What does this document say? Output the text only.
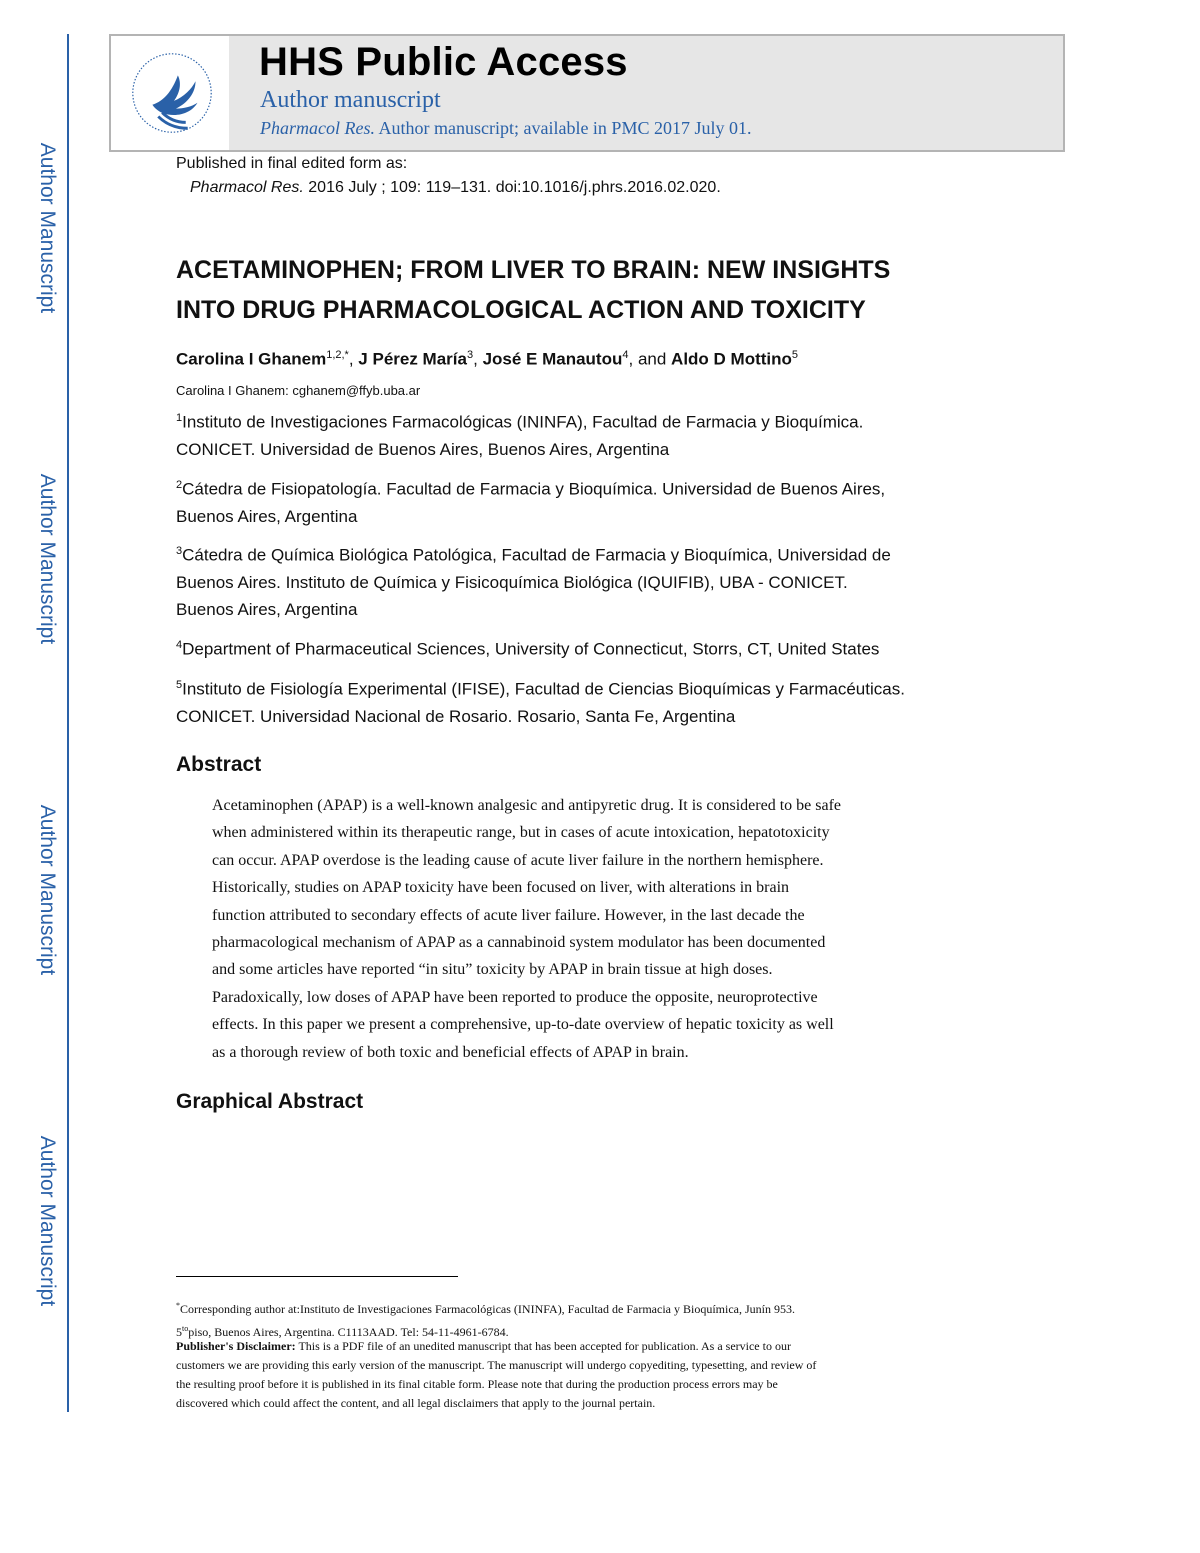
Author Manuscript
Author Manuscript
Author Manuscript
Author Manuscript
HHS Public Access
Author manuscript
Pharmacol Res. Author manuscript; available in PMC 2017 July 01.
Published in final edited form as:
Pharmacol Res. 2016 July ; 109: 119–131. doi:10.1016/j.phrs.2016.02.020.
ACETAMINOPHEN; FROM LIVER TO BRAIN: NEW INSIGHTS
INTO DRUG PHARMACOLOGICAL ACTION AND TOXICITY
Carolina I Ghanem$^{1,2,*}$, J Pérez María$^3$, José E Manautou$^4$, and Aldo D Mottino$^5$
Carolina I Ghanem: cghanem@ffyb.uba.ar
$^1$Instituto de Investigaciones Farmacológicas (ININFA), Facultad de Farmacia y Bioquímica.
CONICET. Universidad de Buenos Aires, Buenos Aires, Argentina
$^2$Cátedra de Fisiopatología. Facultad de Farmacia y Bioquímica. Universidad de Buenos Aires,
Buenos Aires, Argentina
$^3$Cátedra de Química Biológica Patológica, Facultad de Farmacia y Bioquímica, Universidad de
Buenos Aires. Instituto de Química y Fisicoquímica Biológica (IQUIFIB), UBA - CONICET.
Buenos Aires, Argentina
$^4$Department of Pharmaceutical Sciences, University of Connecticut, Storrs, CT, United States
$^5$Instituto de Fisiología Experimental (IFISE), Facultad de Ciencias Bioquímicas y Farmacéuticas.
CONICET. Universidad Nacional de Rosario. Rosario, Santa Fe, Argentina
Abstract
Acetaminophen (APAP) is a well-known analgesic and antipyretic drug. It is considered to be safe
when administered within its therapeutic range, but in cases of acute intoxication, hepatotoxicity
can occur. APAP overdose is the leading cause of acute liver failure in the northern hemisphere.
Historically, studies on APAP toxicity have been focused on liver, with alterations in brain
function attributed to secondary effects of acute liver failure. However, in the last decade the
pharmacological mechanism of APAP as a cannabinoid system modulator has been documented
and some articles have reported “in situ” toxicity by APAP in brain tissue at high doses.
Paradoxically, low doses of APAP have been reported to produce the opposite, neuroprotective
effects. In this paper we present a comprehensive, up-to-date overview of hepatic toxicity as well
as a thorough review of both toxic and beneficial effects of APAP in brain.
Graphical Abstract
*Corresponding author at:Instituto de Investigaciones Farmacológicas (ININFA), Facultad de Farmacia y Bioquímica, Junín 953.
$5^{to}piso$, Buenos Aires, Argentina. C1113AAD. Tel: 54-11-4961-6784.
Publisher's Disclaimer: This is a PDF file of an unedited manuscript that has been accepted for publication. As a service to our
customers we are providing this early version of the manuscript. The manuscript will undergo copyediting, typesetting, and review of
the resulting proof before it is published in its final citable form. Please note that during the production process errors may be
discovered which could affect the content, and all legal disclaimers that apply to the journal pertain.
